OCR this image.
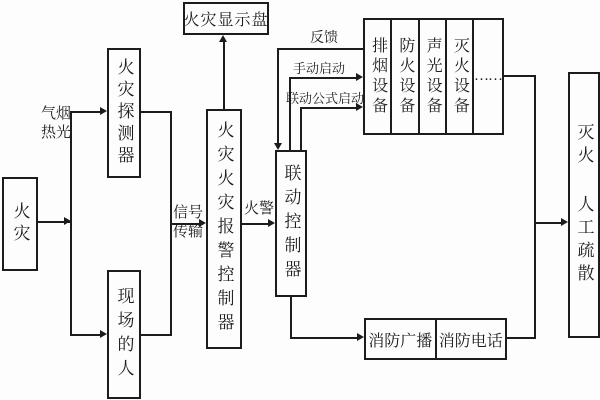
火灾
火灾探测器
现场的人
火灾显示盘
火灾火灾报警控制器	联动控制器
排烟设备 防火设备 声光设备 灭火设备 ……
消防广播 消防电话
灭火人工疏散
气烟
热光
信号
传输
火警
反馈
手动启动
联动公式启动
